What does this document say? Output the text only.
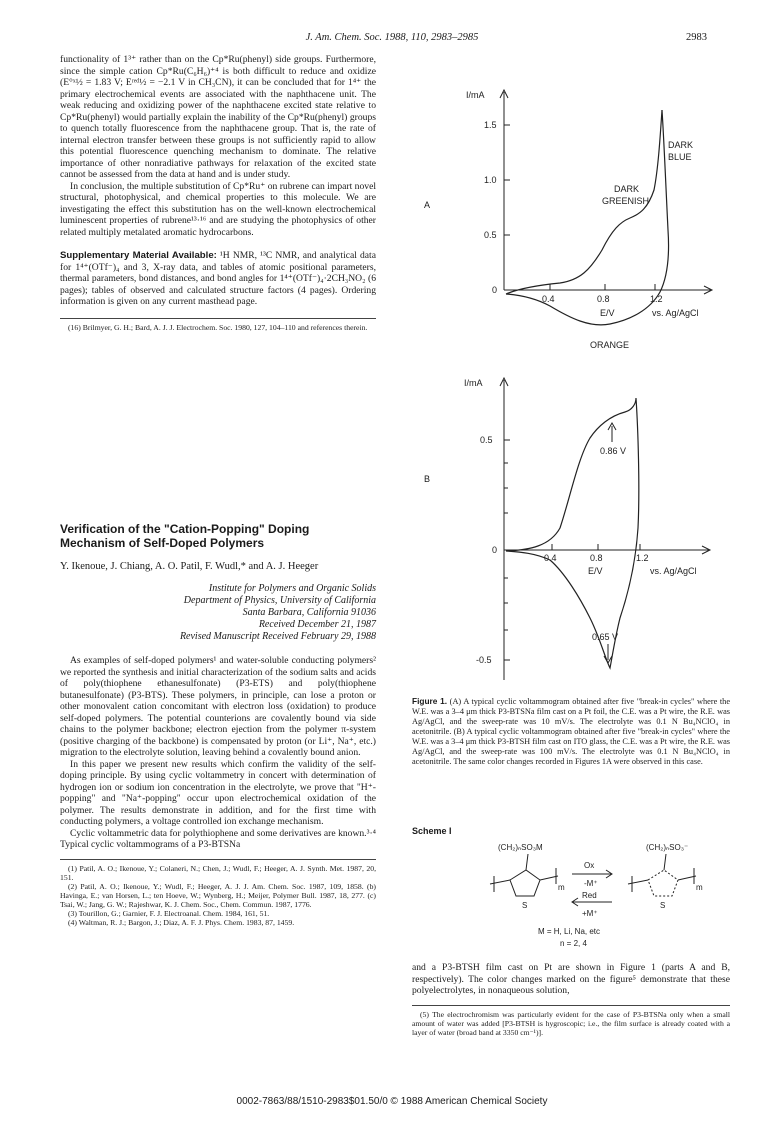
J. Am. Chem. Soc. 1988, 110, 2983–2985	2983

functionality of 1³⁺ rather than on the Cp*Ru(phenyl) side groups. Furthermore, since the simple cation Cp*Ru(C₆H₆)⁺⁴ is both difficult to reduce and oxidize (E°ˣ½ = 1.83 V; Eʳᵉᵈ½ = −2.1 V in CH₃CN), it can be concluded that for 1⁴⁺ the primary electrochemical events are associated with the naphthacene unit. The weak reducing and oxidizing power of the naphthacene excited state relative to Cp*Ru(phenyl) would partially explain the inability of the Cp*Ru(phenyl) groups to quench totally fluorescence from the naphthacene group. That is, the rate of internal electron transfer between these groups is not sufficiently rapid to allow this potential fluorescence quenching mechanism to dominate. The relative importance of other nonradiative pathways for relaxation of the excited state cannot be assessed from the data at hand and is under study.

In conclusion, the multiple substitution of Cp*Ru⁺ on rubrene can impart novel structural, photophysical, and chemical properties to this molecule. We are investigating the effect this substitution has on the well-known electrochemical luminescent properties of rubrene¹³·¹⁶ and are studying the photophysics of other related multiply metalated aromatic hydrocarbons.

Supplementary Material Available: ¹H NMR, ¹³C NMR, and analytical data for 1⁴⁺(OTf⁻)₄ and 3, X-ray data, and tables of atomic positional parameters, thermal parameters, bond distances, and bond angles for 1⁴⁺(OTf⁻)₄·2CH₃NO₂ (6 pages); tables of observed and calculated structure factors (4 pages). Ordering information is given on any current masthead page.

(16) Brilmyer, G. H.; Bard, A. J. J. Electrochem. Soc. 1980, 127, 104–110 and references therein.

Verification of the "Cation-Popping" Doping Mechanism of Self-Doped Polymers
Y. Ikenoue, J. Chiang, A. O. Patil, F. Wudl,* and A. J. Heeger
Institute for Polymers and Organic Solids
Department of Physics, University of California
Santa Barbara, California 91036
Received December 21, 1987
Revised Manuscript Received February 29, 1988

As examples of self-doped polymers¹ and water-soluble conducting polymers² we reported the synthesis and initial characterization of the sodium salts and acids of poly(thiophene ethanesulfonate) (P3-ETS) and poly(thiophene butanesulfonate) (P3-BTS). These polymers, in principle, can lose a proton or other monovalent cation concomitant with electron loss (oxidation) to produce self-doped polymers. The potential counterions are covalently bound via side chains to the polymer backbone; electron ejection from the polymer π-system (positive charging of the backbone) is compensated by proton (or Li⁺, Na⁺, etc.) migration to the electrolyte solution, leaving behind a covalently bound anion.

In this paper we present new results which confirm the validity of the self-doping principle. By using cyclic voltammetry in concert with determination of hydrogen ion or sodium ion concentration in the electrolyte, we prove that "H⁺-popping" and "Na⁺-popping" occur upon electrochemical oxidation of the polymer. The results demonstrate in addition, and for the first time with conducting polymers, a voltage controlled ion exchange mechanism.

Cyclic voltammetric data for polythiophene and some derivatives are known.³·⁴ Typical cyclic voltammograms of a P3-BTSNa

(1) Patil, A. O.; Ikenoue, Y.; Colaneri, N.; Chen, J.; Wudl, F.; Heeger, A. J. Synth. Met. 1987, 20, 151.

(2) Patil, A. O.; Ikenoue, Y.; Wudl, F.; Heeger, A. J. J. Am. Chem. Soc. 1987, 109, 1858. (b) Havinga, E.; van Horsen, L.; ten Hoeve, W.; Wynberg, H.; Meijer, Polymer Bull. 1987, 18, 277. (c) Tsai, W.; Jang, G. W.; Rajeshwar, K. J. Chem. Soc., Chem. Commun. 1987, 1776.

(3) Tourillon, G.; Garnier, F. J. Electroanal. Chem. 1984, 161, 51.

(4) Waltman, R. J.; Bargon, J.; Diaz, A. F. J. Phys. Chem. 1983, 87, 1459.

A
I/mA
1.5
1.0
0.5
0
0.4	0.8	1.2
E/V	vs. Ag/AgCl
DARK
BLUE
DARK
GREENISH
ORANGE
B
I/mA
0.5
0
-0.5
0.4	0.8	1.2
E/V	vs. Ag/AgCl
0.86 V
0.65 V
Figure 1. (A) A typical cyclic voltammogram obtained after five "break-in cycles" where the W.E. was a 3–4 μm thick P3-BTSNa film cast on a Pt foil, the C.E. was a Pt wire, the R.E. was Ag/AgCl, and the sweep-rate was 10 mV/s. The electrolyte was 0.1 N Bu₄NClO₄ in acetonitrile. (B) A typical cyclic voltammogram obtained after five "break-in cycles" where the W.E. was a 3–4 μm thick P3-BTSH film cast on ITO glass, the C.E. was a Pt wire, the R.E. was Ag/AgCl, and the sweep-rate was 100 mV/s. The electrolyte was 0.1 N Bu₄NClO₄ in acetonitrile. The same color changes recorded in Figures 1A were observed in this case.
Scheme I
(CH₂)ₙSO₃M	(CH₂)ₙSO₃⁻
S	S
m	m
Ox
-M⁺
Red
+M⁺
M = H, Li, Na, etc
n = 2, 4

and a P3-BTSH film cast on Pt are shown in Figure 1 (parts A and B, respectively). The color changes marked on the figure⁵ demonstrate that these polyelectrolytes, in nonaqueous solution,

(5) The electrochromism was particularly evident for the case of P3-BTSNa only when a small amount of water was added [P3-BTSH is hygroscopic; i.e., the film surface is already coated with a layer of water (broad band at 3350 cm⁻¹)].

0002-7863/88/1510-2983$01.50/0 © 1988 American Chemical Society
